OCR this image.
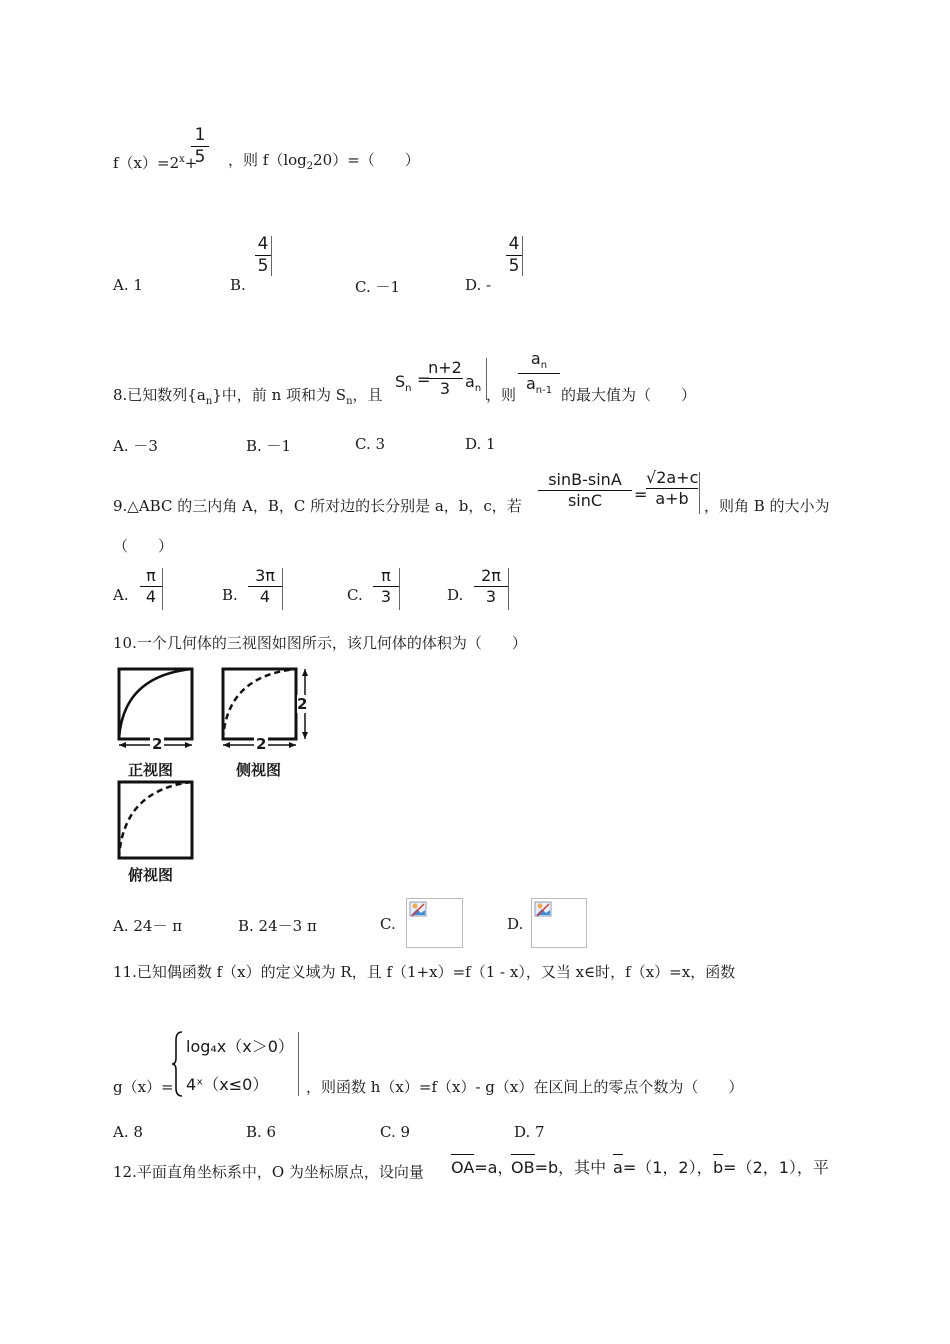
$f(x)=2^x+$
1
5 ，则 $f(\log_220)=$（　　）
A. 1	B.
4
5
C. －1	D. -
4
5
8.已知数列$\{a_n\}$中，前 n 项和为 $S_n$，且
$S_n$ =
n+2
3 $a_n$ ，则
$a_n$
$a_{n-1}$ 的最大值为（　　）
A. －3	B. －1	C. 3	D. 1
9.△ABC 的三内角 A，B，C 所对边的长分别是 a，b，c，若
sinB-sinA
sinC	=
√2a+c
a+b	，则角 B 的大小为
（　　）
A.
π
4	B.
3π
4	C.
π
3	D.
2π
3
10.一个几何体的三视图如图所示，该几何体的体积为（　　）
2	2
2
正视图	侧视图
俯视图
A. 24－ π	B. 24－3 π	C.	D.
11.已知偶函数 f（x）的定义域为 R，且 f（1+x）=f（1 - x），又当 x∈时，f（x）=x，函数
g（x）=
log₄x（x＞0）
4ˣ（x≤0）	，则函数 h（x）=f（x）- g（x）在区间上的零点个数为（　　）
A. 8	B. 6	C. 9	D. 7
12.平面直角坐标系中，O 为坐标原点，设向量 OA=a，
OB=b，其中 a=（1，2）， b=（2，1），平
